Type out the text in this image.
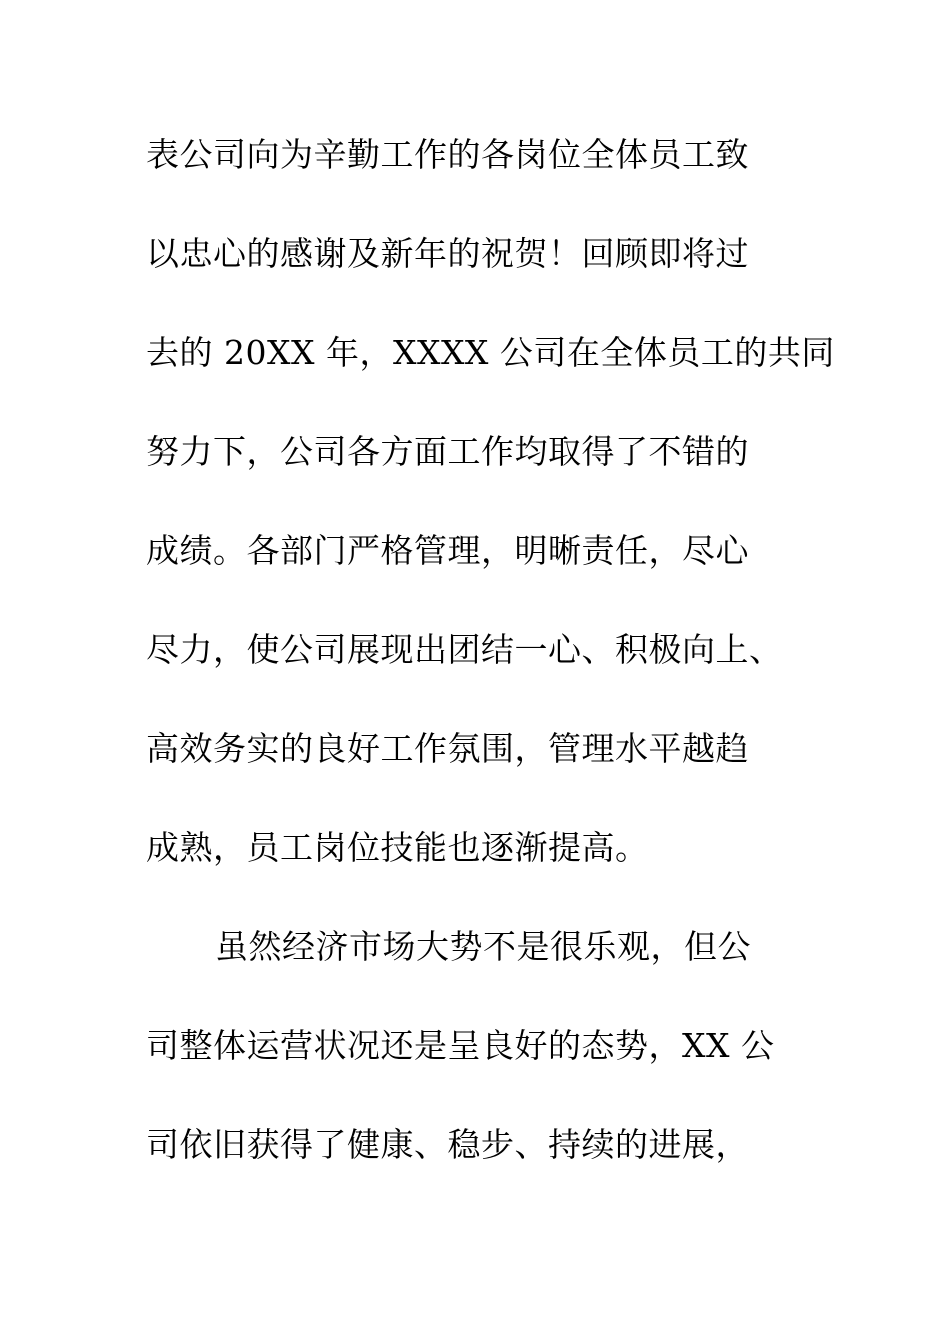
表公司向为辛勤工作的各岗位全体员工致
以忠心的感谢及新年的祝贺！回顾即将过
去的 20XX 年，XXXX 公司在全体员工的共同
努力下，公司各方面工作均取得了不错的
成绩。各部门严格管理，明晰责任，尽心
尽力，使公司展现出团结一心、积极向上、
高效务实的良好工作氛围，管理水平越趋
成熟，员工岗位技能也逐渐提高。
虽然经济市场大势不是很乐观，但公
司整体运营状况还是呈良好的态势，XX 公
司依旧获得了健康、稳步、持续的进展，
